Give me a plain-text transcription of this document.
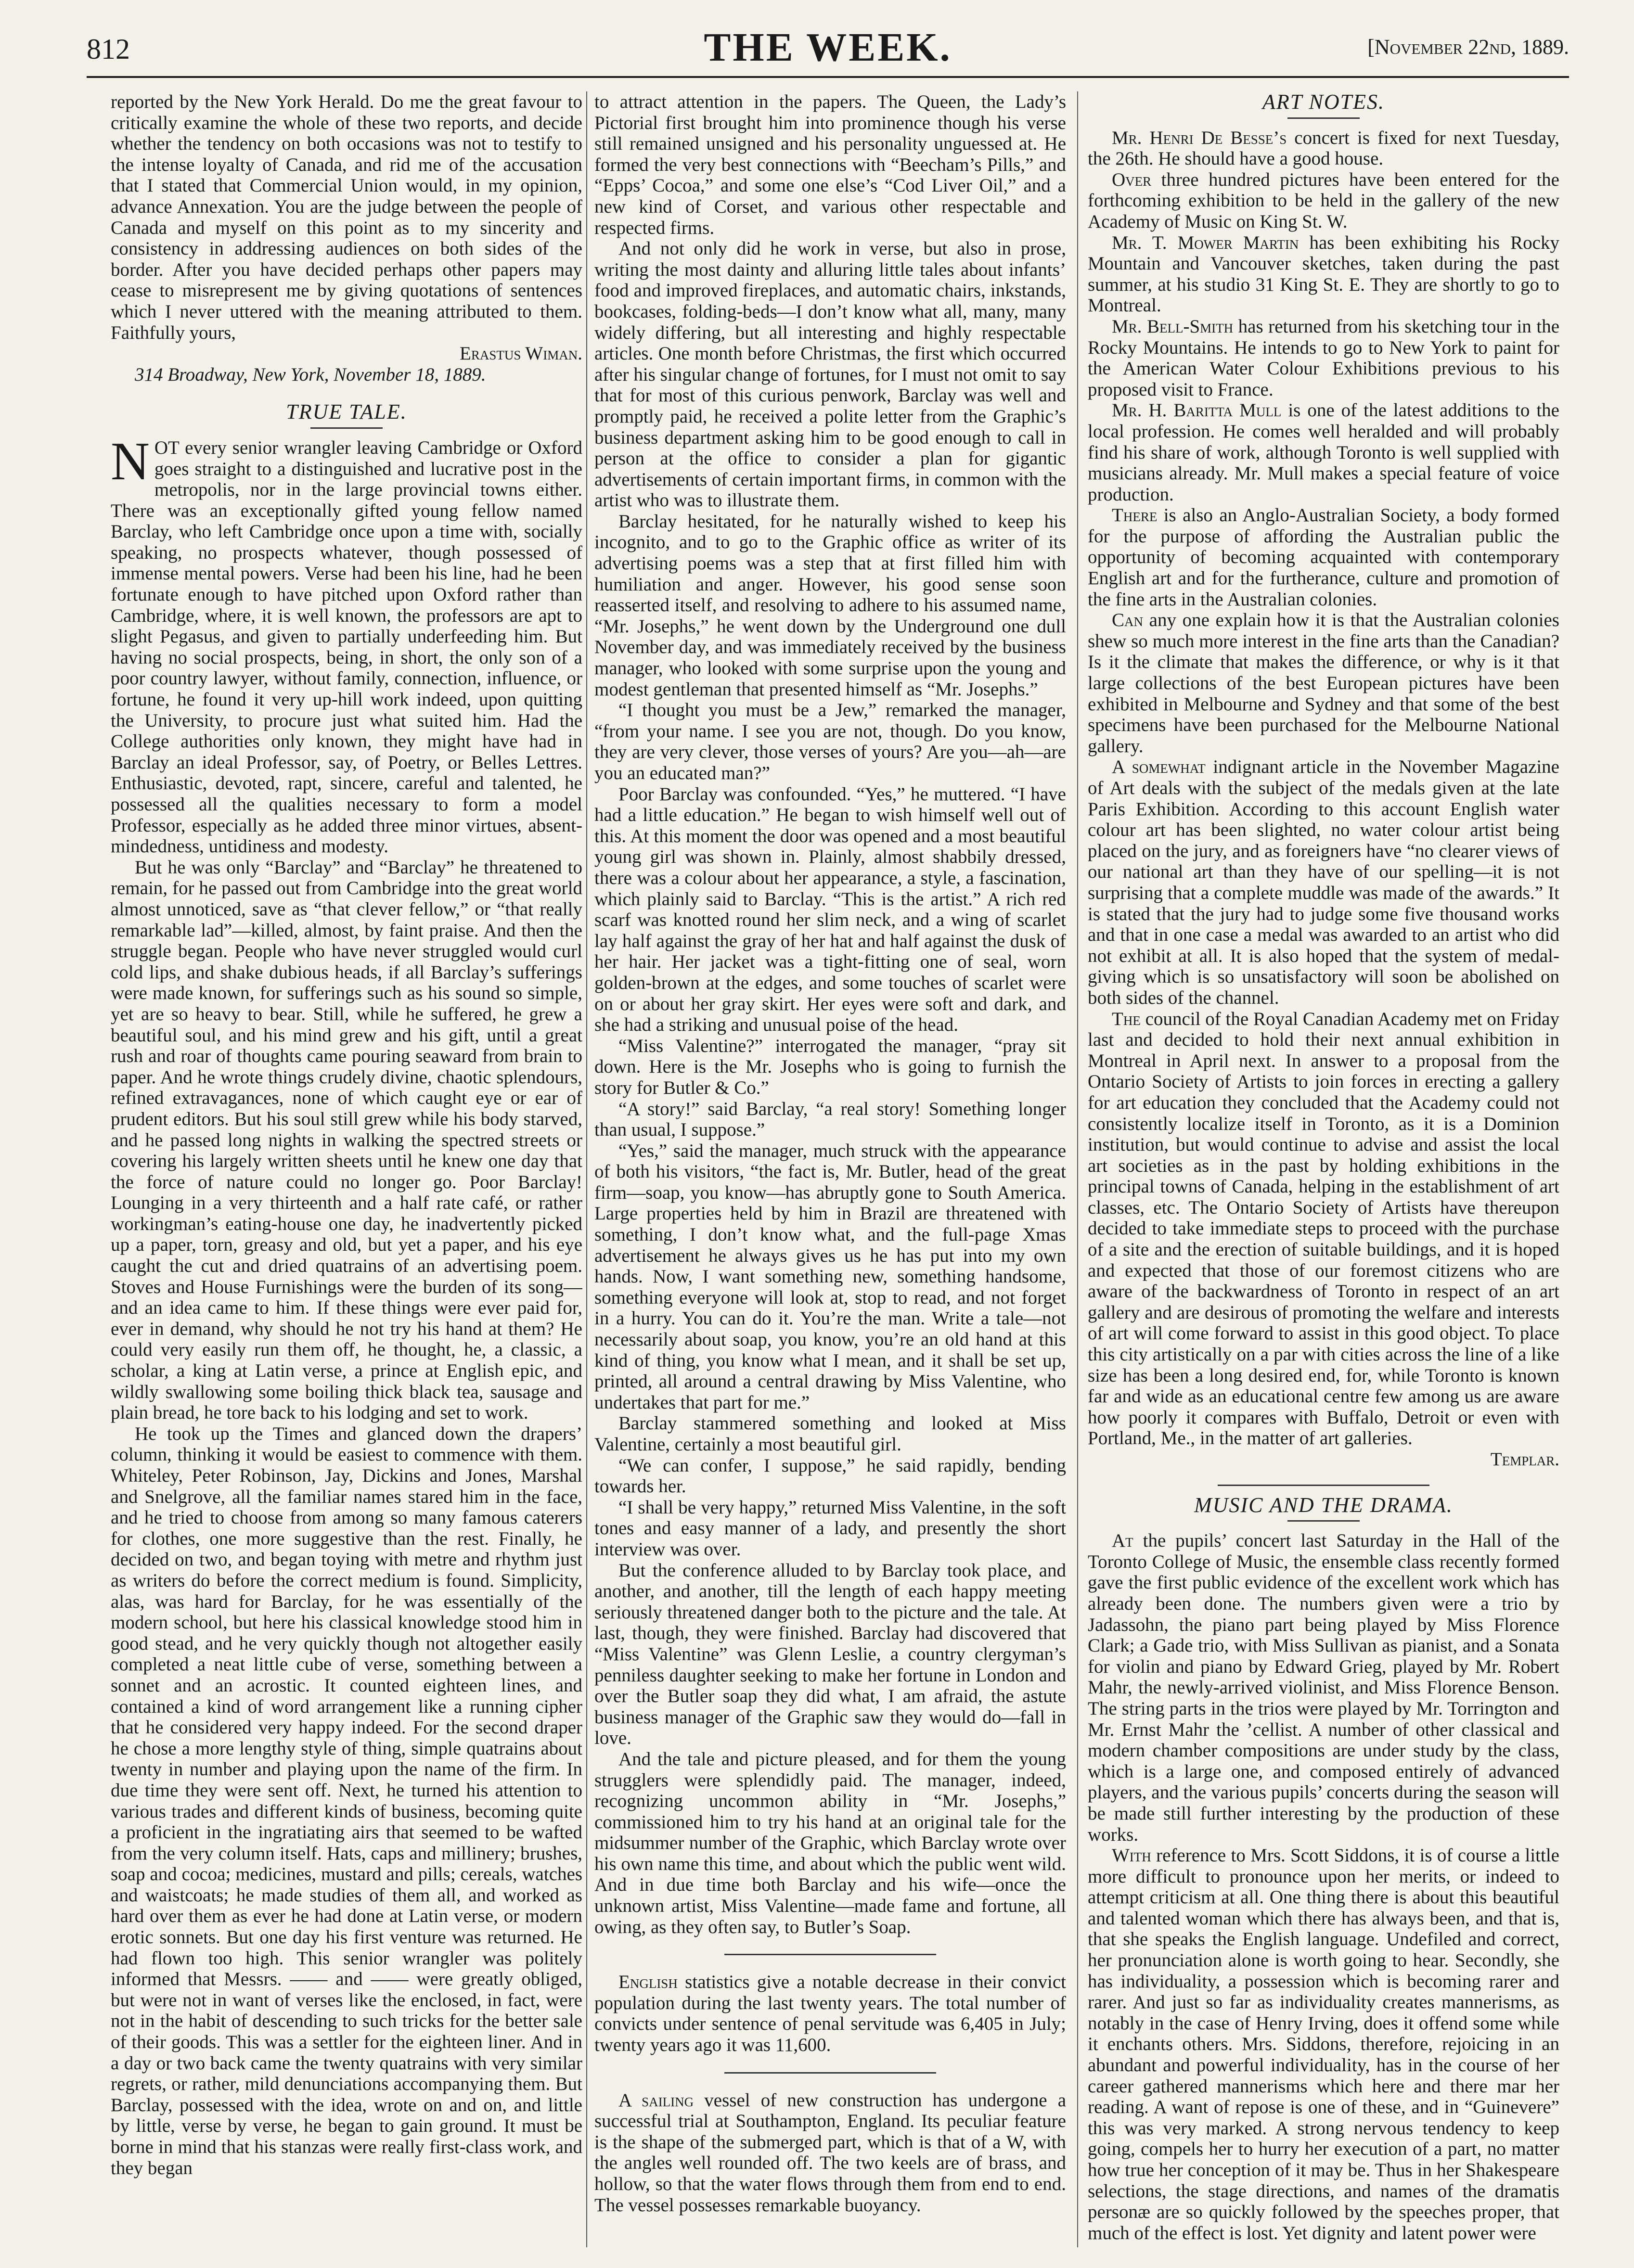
812	THE WEEK.	[November 22nd, 1889.

reported by the New York Herald. Do me the great favour to critically examine the whole of these two reports, and decide whether the tendency on both occasions was not to testify to the intense loyalty of Canada, and rid me of the accusation that I stated that Commercial Union would, in my opinion, advance Annexation. You are the judge between the people of Canada and myself on this point as to my sincerity and consistency in addressing audiences on both sides of the border. After you have decided perhaps other papers may cease to misrepresent me by giving quotations of sentences which I never uttered with the meaning attributed to them. Faithfully yours,

Erastus Wiman.

314 Broadway, New York, November 18, 1889.

TRUE TALE.

NOT every senior wrangler leaving Cambridge or Oxford goes straight to a distinguished and lucrative post in the metropolis, nor in the large provincial towns either. There was an exceptionally gifted young fellow named Barclay, who left Cambridge once upon a time with, socially speaking, no prospects whatever, though possessed of immense mental powers. Verse had been his line, had he been fortunate enough to have pitched upon Oxford rather than Cambridge, where, it is well known, the professors are apt to slight Pegasus, and given to partially underfeeding him. But having no social prospects, being, in short, the only son of a poor country lawyer, without family, connection, influence, or fortune, he found it very up-hill work indeed, upon quitting the University, to procure just what suited him. Had the College authorities only known, they might have had in Barclay an ideal Professor, say, of Poetry, or Belles Lettres. Enthusiastic, devoted, rapt, sincere, careful and talented, he possessed all the qualities necessary to form a model Professor, especially as he added three minor virtues, absent-mindedness, untidiness and modesty.

But he was only “Barclay” and “Barclay” he threatened to remain, for he passed out from Cambridge into the great world almost unnoticed, save as “that clever fellow,” or “that really remarkable lad”—killed, almost, by faint praise. And then the struggle began. People who have never struggled would curl cold lips, and shake dubious heads, if all Barclay’s sufferings were made known, for sufferings such as his sound so simple, yet are so heavy to bear. Still, while he suffered, he grew a beautiful soul, and his mind grew and his gift, until a great rush and roar of thoughts came pouring seaward from brain to paper. And he wrote things crudely divine, chaotic splendours, refined extravagances, none of which caught eye or ear of prudent editors. But his soul still grew while his body starved, and he passed long nights in walking the spectred streets or covering his largely written sheets until he knew one day that the force of nature could no longer go. Poor Barclay! Lounging in a very thirteenth and a half rate café, or rather workingman’s eating-house one day, he inadvertently picked up a paper, torn, greasy and old, but yet a paper, and his eye caught the cut and dried quatrains of an advertising poem. Stoves and House Furnishings were the burden of its song—and an idea came to him. If these things were ever paid for, ever in demand, why should he not try his hand at them? He could very easily run them off, he thought, he, a classic, a scholar, a king at Latin verse, a prince at English epic, and wildly swallowing some boiling thick black tea, sausage and plain bread, he tore back to his lodging and set to work.

He took up the Times and glanced down the drapers’ column, thinking it would be easiest to commence with them. Whiteley, Peter Robinson, Jay, Dickins and Jones, Marshal and Snelgrove, all the familiar names stared him in the face, and he tried to choose from among so many famous caterers for clothes, one more suggestive than the rest. Finally, he decided on two, and began toying with metre and rhythm just as writers do before the correct medium is found. Simplicity, alas, was hard for Barclay, for he was essentially of the modern school, but here his classical knowledge stood him in good stead, and he very quickly though not altogether easily completed a neat little cube of verse, something between a sonnet and an acrostic. It counted eighteen lines, and contained a kind of word arrangement like a running cipher that he considered very happy indeed. For the second draper he chose a more lengthy style of thing, simple quatrains about twenty in number and playing upon the name of the firm. In due time they were sent off. Next, he turned his attention to various trades and different kinds of business, becoming quite a proficient in the ingratiating airs that seemed to be wafted from the very column itself. Hats, caps and millinery; brushes, soap and cocoa; medicines, mustard and pills; cereals, watches and waistcoats; he made studies of them all, and worked as hard over them as ever he had done at Latin verse, or modern erotic sonnets. But one day his first venture was returned. He had flown too high. This senior wrangler was politely informed that Messrs. —— and —— were greatly obliged, but were not in want of verses like the enclosed, in fact, were not in the habit of descending to such tricks for the better sale of their goods. This was a settler for the eighteen liner. And in a day or two back came the twenty quatrains with very similar regrets, or rather, mild denunciations accompanying them. But Barclay, possessed with the idea, wrote on and on, and little by little, verse by verse, he began to gain ground. It must be borne in mind that his stanzas were really first-class work, and they began

to attract attention in the papers. The Queen, the Lady’s Pictorial first brought him into prominence though his verse still remained unsigned and his personality unguessed at. He formed the very best connections with “Beecham’s Pills,” and “Epps’ Cocoa,” and some one else’s “Cod Liver Oil,” and a new kind of Corset, and various other respectable and respected firms.

And not only did he work in verse, but also in prose, writing the most dainty and alluring little tales about infants’ food and improved fireplaces, and automatic chairs, inkstands, bookcases, folding-beds—I don’t know what all, many, many widely differing, but all interesting and highly respectable articles. One month before Christmas, the first which occurred after his singular change of fortunes, for I must not omit to say that for most of this curious penwork, Barclay was well and promptly paid, he received a polite letter from the Graphic’s business department asking him to be good enough to call in person at the office to consider a plan for gigantic advertisements of certain important firms, in common with the artist who was to illustrate them.

Barclay hesitated, for he naturally wished to keep his incognito, and to go to the Graphic office as writer of its advertising poems was a step that at first filled him with humiliation and anger. However, his good sense soon reasserted itself, and resolving to adhere to his assumed name, “Mr. Josephs,” he went down by the Underground one dull November day, and was immediately received by the business manager, who looked with some surprise upon the young and modest gentleman that presented himself as “Mr. Josephs.”

“I thought you must be a Jew,” remarked the manager, “from your name. I see you are not, though. Do you know, they are very clever, those verses of yours? Are you—ah—are you an educated man?”

Poor Barclay was confounded. “Yes,” he muttered. “I have had a little education.” He began to wish himself well out of this. At this moment the door was opened and a most beautiful young girl was shown in. Plainly, almost shabbily dressed, there was a colour about her appearance, a style, a fascination, which plainly said to Barclay. “This is the artist.” A rich red scarf was knotted round her slim neck, and a wing of scarlet lay half against the gray of her hat and half against the dusk of her hair. Her jacket was a tight-fitting one of seal, worn golden-brown at the edges, and some touches of scarlet were on or about her gray skirt. Her eyes were soft and dark, and she had a striking and unusual poise of the head.

“Miss Valentine?” interrogated the manager, “pray sit down. Here is the Mr. Josephs who is going to furnish the story for Butler & Co.”

“A story!” said Barclay, “a real story! Something longer than usual, I suppose.”

“Yes,” said the manager, much struck with the appearance of both his visitors, “the fact is, Mr. Butler, head of the great firm—soap, you know—has abruptly gone to South America. Large properties held by him in Brazil are threatened with something, I don’t know what, and the full-page Xmas advertisement he always gives us he has put into my own hands. Now, I want something new, something handsome, something everyone will look at, stop to read, and not forget in a hurry. You can do it. You’re the man. Write a tale—not necessarily about soap, you know, you’re an old hand at this kind of thing, you know what I mean, and it shall be set up, printed, all around a central drawing by Miss Valentine, who undertakes that part for me.”

Barclay stammered something and looked at Miss Valentine, certainly a most beautiful girl.

“We can confer, I suppose,” he said rapidly, bending towards her.

“I shall be very happy,” returned Miss Valentine, in the soft tones and easy manner of a lady, and presently the short interview was over.

But the conference alluded to by Barclay took place, and another, and another, till the length of each happy meeting seriously threatened danger both to the picture and the tale. At last, though, they were finished. Barclay had discovered that “Miss Valentine” was Glenn Leslie, a country clergyman’s penniless daughter seeking to make her fortune in London and over the Butler soap they did what, I am afraid, the astute business manager of the Graphic saw they would do—fall in love.

And the tale and picture pleased, and for them the young strugglers were splendidly paid. The manager, indeed, recognizing uncommon ability in “Mr. Josephs,” commissioned him to try his hand at an original tale for the midsummer number of the Graphic, which Barclay wrote over his own name this time, and about which the public went wild. And in due time both Barclay and his wife—once the unknown artist, Miss Valentine—made fame and fortune, all owing, as they often say, to Butler’s Soap.

English statistics give a notable decrease in their convict population during the last twenty years. The total number of convicts under sentence of penal servitude was 6,405 in July; twenty years ago it was 11,600.

A sailing vessel of new construction has undergone a successful trial at Southampton, England. Its peculiar feature is the shape of the submerged part, which is that of a W, with the angles well rounded off. The two keels are of brass, and hollow, so that the water flows through them from end to end. The vessel possesses remarkable buoyancy.

ART NOTES.

Mr. Henri De Besse’s concert is fixed for next Tuesday, the 26th. He should have a good house.

Over three hundred pictures have been entered for the forthcoming exhibition to be held in the gallery of the new Academy of Music on King St. W.

Mr. T. Mower Martin has been exhibiting his Rocky Mountain and Vancouver sketches, taken during the past summer, at his studio 31 King St. E. They are shortly to go to Montreal.

Mr. Bell-Smith has returned from his sketching tour in the Rocky Mountains. He intends to go to New York to paint for the American Water Colour Exhibitions previous to his proposed visit to France.

Mr. H. Baritta Mull is one of the latest additions to the local profession. He comes well heralded and will probably find his share of work, although Toronto is well supplied with musicians already. Mr. Mull makes a special feature of voice production.

There is also an Anglo-Australian Society, a body formed for the purpose of affording the Australian public the opportunity of becoming acquainted with contemporary English art and for the furtherance, culture and promotion of the fine arts in the Australian colonies.

Can any one explain how it is that the Australian colonies shew so much more interest in the fine arts than the Canadian? Is it the climate that makes the difference, or why is it that large collections of the best European pictures have been exhibited in Melbourne and Sydney and that some of the best specimens have been purchased for the Melbourne National gallery.

A somewhat indignant article in the November Magazine of Art deals with the subject of the medals given at the late Paris Exhibition. According to this account English water colour art has been slighted, no water colour artist being placed on the jury, and as foreigners have “no clearer views of our national art than they have of our spelling—it is not surprising that a complete muddle was made of the awards.” It is stated that the jury had to judge some five thousand works and that in one case a medal was awarded to an artist who did not exhibit at all. It is also hoped that the system of medal-giving which is so unsatisfactory will soon be abolished on both sides of the channel.

The council of the Royal Canadian Academy met on Friday last and decided to hold their next annual exhibition in Montreal in April next. In answer to a proposal from the Ontario Society of Artists to join forces in erecting a gallery for art education they concluded that the Academy could not consistently localize itself in Toronto, as it is a Dominion institution, but would continue to advise and assist the local art societies as in the past by holding exhibitions in the principal towns of Canada, helping in the establishment of art classes, etc. The Ontario Society of Artists have thereupon decided to take immediate steps to proceed with the purchase of a site and the erection of suitable buildings, and it is hoped and expected that those of our foremost citizens who are aware of the backwardness of Toronto in respect of an art gallery and are desirous of promoting the welfare and interests of art will come forward to assist in this good object. To place this city artistically on a par with cities across the line of a like size has been a long desired end, for, while Toronto is known far and wide as an educational centre few among us are aware how poorly it compares with Buffalo, Detroit or even with Portland, Me., in the matter of art galleries.

Templar.

MUSIC AND THE DRAMA.

At the pupils’ concert last Saturday in the Hall of the Toronto College of Music, the ensemble class recently formed gave the first public evidence of the excellent work which has already been done. The numbers given were a trio by Jadassohn, the piano part being played by Miss Florence Clark; a Gade trio, with Miss Sullivan as pianist, and a Sonata for violin and piano by Edward Grieg, played by Mr. Robert Mahr, the newly-arrived violinist, and Miss Florence Benson. The string parts in the trios were played by Mr. Torrington and Mr. Ernst Mahr the ’cellist. A number of other classical and modern chamber compositions are under study by the class, which is a large one, and composed entirely of advanced players, and the various pupils’ concerts during the season will be made still further interesting by the production of these works.

With reference to Mrs. Scott Siddons, it is of course a little more difficult to pronounce upon her merits, or indeed to attempt criticism at all. One thing there is about this beautiful and talented woman which there has always been, and that is, that she speaks the English language. Undefiled and correct, her pronunciation alone is worth going to hear. Secondly, she has individuality, a possession which is becoming rarer and rarer. And just so far as individuality creates mannerisms, as notably in the case of Henry Irving, does it offend some while it enchants others. Mrs. Siddons, therefore, rejoicing in an abundant and powerful individuality, has in the course of her career gathered mannerisms which here and there mar her reading. A want of repose is one of these, and in “Guinevere” this was very marked. A strong nervous tendency to keep going, compels her to hurry her execution of a part, no matter how true her conception of it may be. Thus in her Shakespeare selections, the stage directions, and names of the dramatis personæ are so quickly followed by the speeches proper, that much of the effect is lost. Yet dignity and latent power were
